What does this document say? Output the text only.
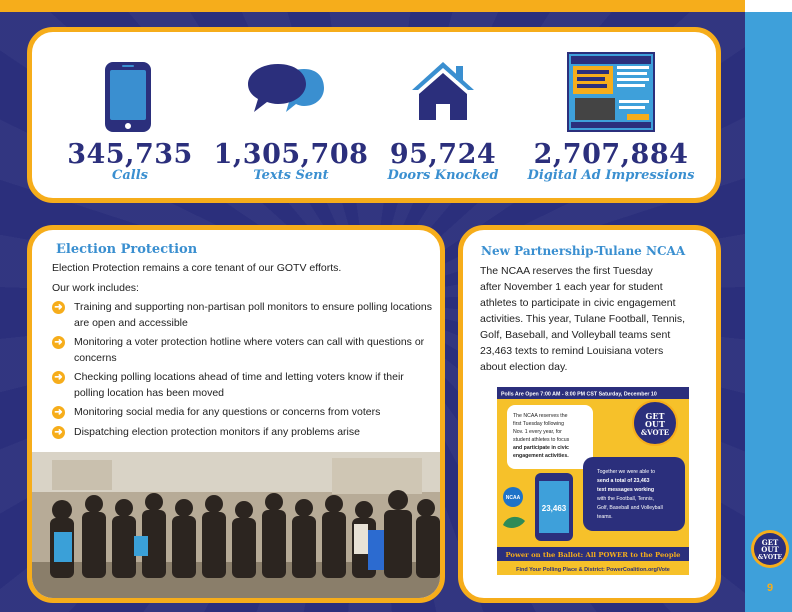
345,735
Calls
1,305,708
Texts Sent
95,724
Doors Knocked
2,707,884
Digital Ad Impressions
Election Protection
Election Protection remains a core tenant of our GOTV efforts.
Our work includes:
➜ Training and supporting non-partisan poll monitors to ensure polling locations are open and accessible
➜ Monitoring a voter protection hotline where voters can call with questions or concerns
➜ Checking polling locations ahead of time and letting voters know if their polling location has been moved
➜ Monitoring social media for any questions or concerns from voters
➜ Dispatching election protection monitors if any problems arise
New Partnership-Tulane NCAA
The NCAA reserves the first Tuesday
after November 1 each year for student
athletes to participate in civic engagement
activities. This year, Tulane Football, Tennis,
Golf, Baseball, and Volleyball teams sent
23,463 texts to remind Louisiana voters
about election day.
Polls Are Open 7:00 AM - 8:00 PM CST Saturday, December 10
The NCAA reserves the
first Tuesday following
Nov. 1 every year, for
student athletes to focus
and participate in civic
engagement activities.
GET
OUT
&VOTE
Together we were able to
send a total of 23,463
text messages working
with the Football, Tennis,
Golf, Baseball and Volleyball
teams.
23,463
NCAA
Power on the Ballot: All POWER to the People
Find Your Polling Place & District: PowerCoalition.org/Vote
GET
OUT
&VOTE
9
